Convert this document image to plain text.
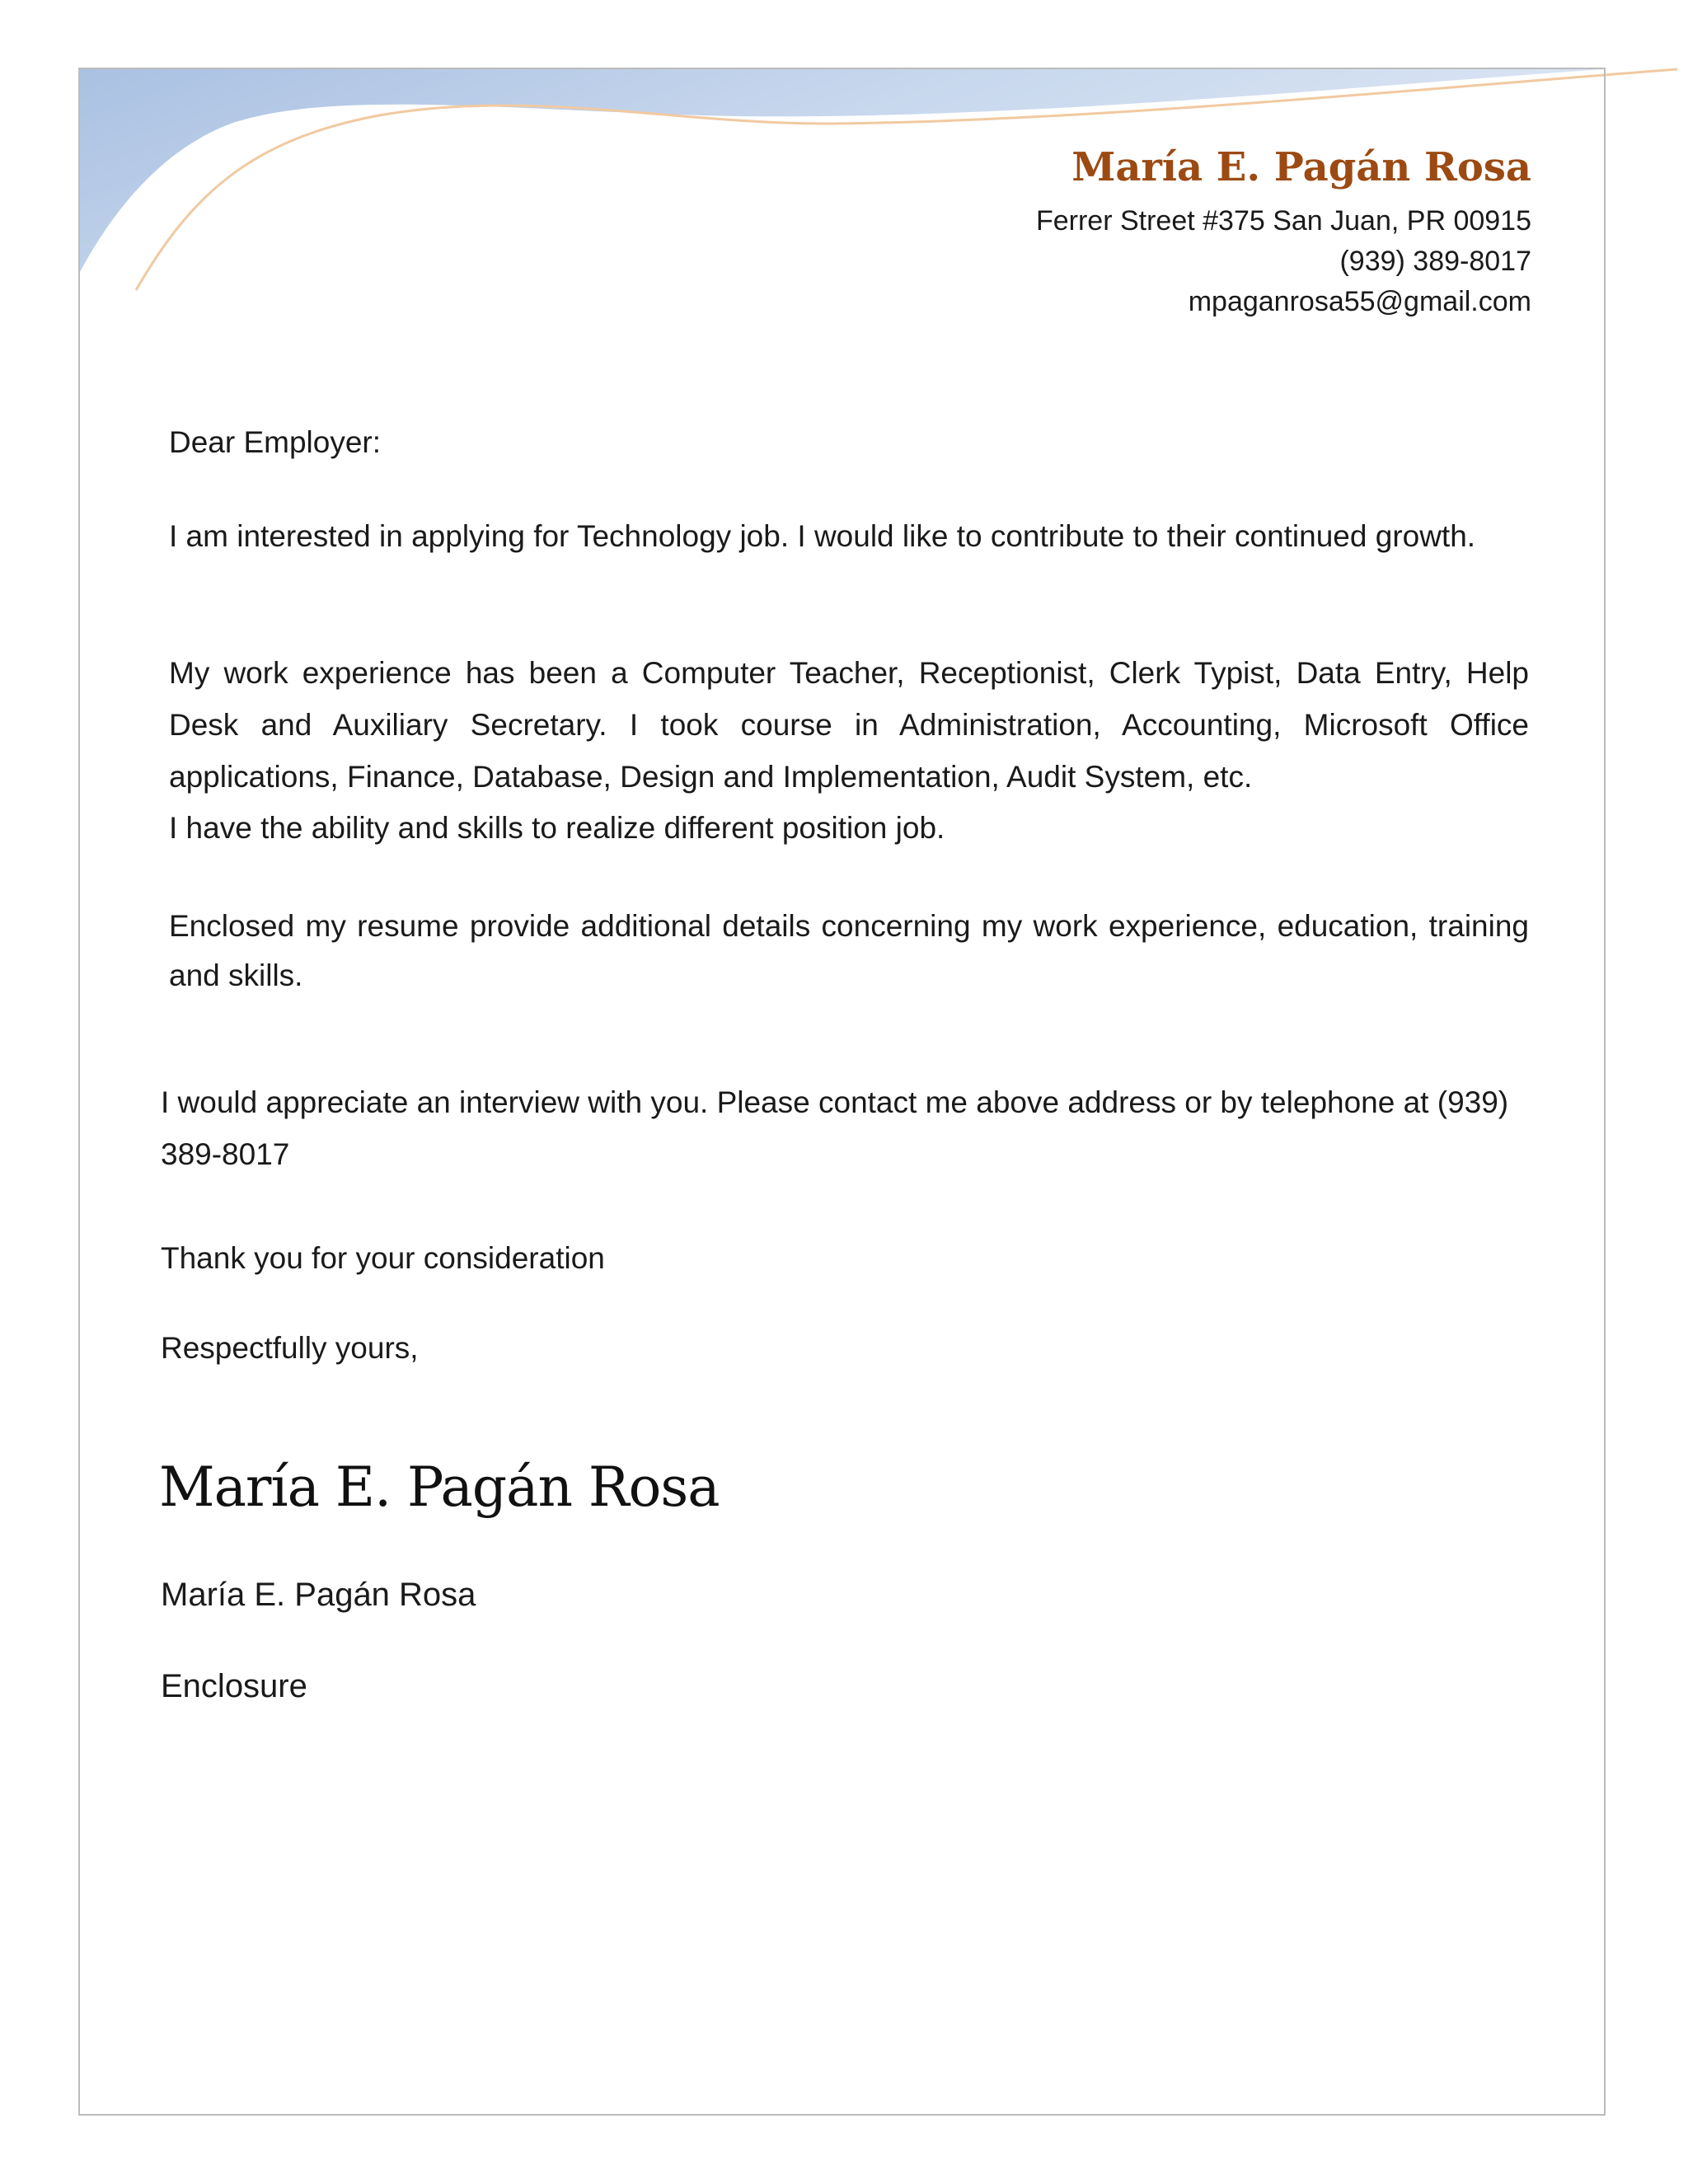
María E. Pagán Rosa
Ferrer Street #375 San Juan, PR 00915
(939) 389-8017
mpaganrosa55@gmail.com

Dear Employer:

I am interested in applying for Technology job. I would like to contribute to their continued growth.

My work experience has been a Computer Teacher, Receptionist, Clerk Typist, Data Entry, Help Desk and Auxiliary Secretary. I took course in Administration, Accounting, Microsoft Office applications, Finance, Database, Design and Implementation, Audit System, etc.

I have the ability and skills to realize different position job.

Enclosed my resume provide additional details concerning my work experience, education, training and skills.

I would appreciate an interview with you. Please contact me above address or by telephone at (939) 389-8017

Thank you for your consideration

Respectfully yours,

María E. Pagán Rosa

María E. Pagán Rosa

Enclosure
